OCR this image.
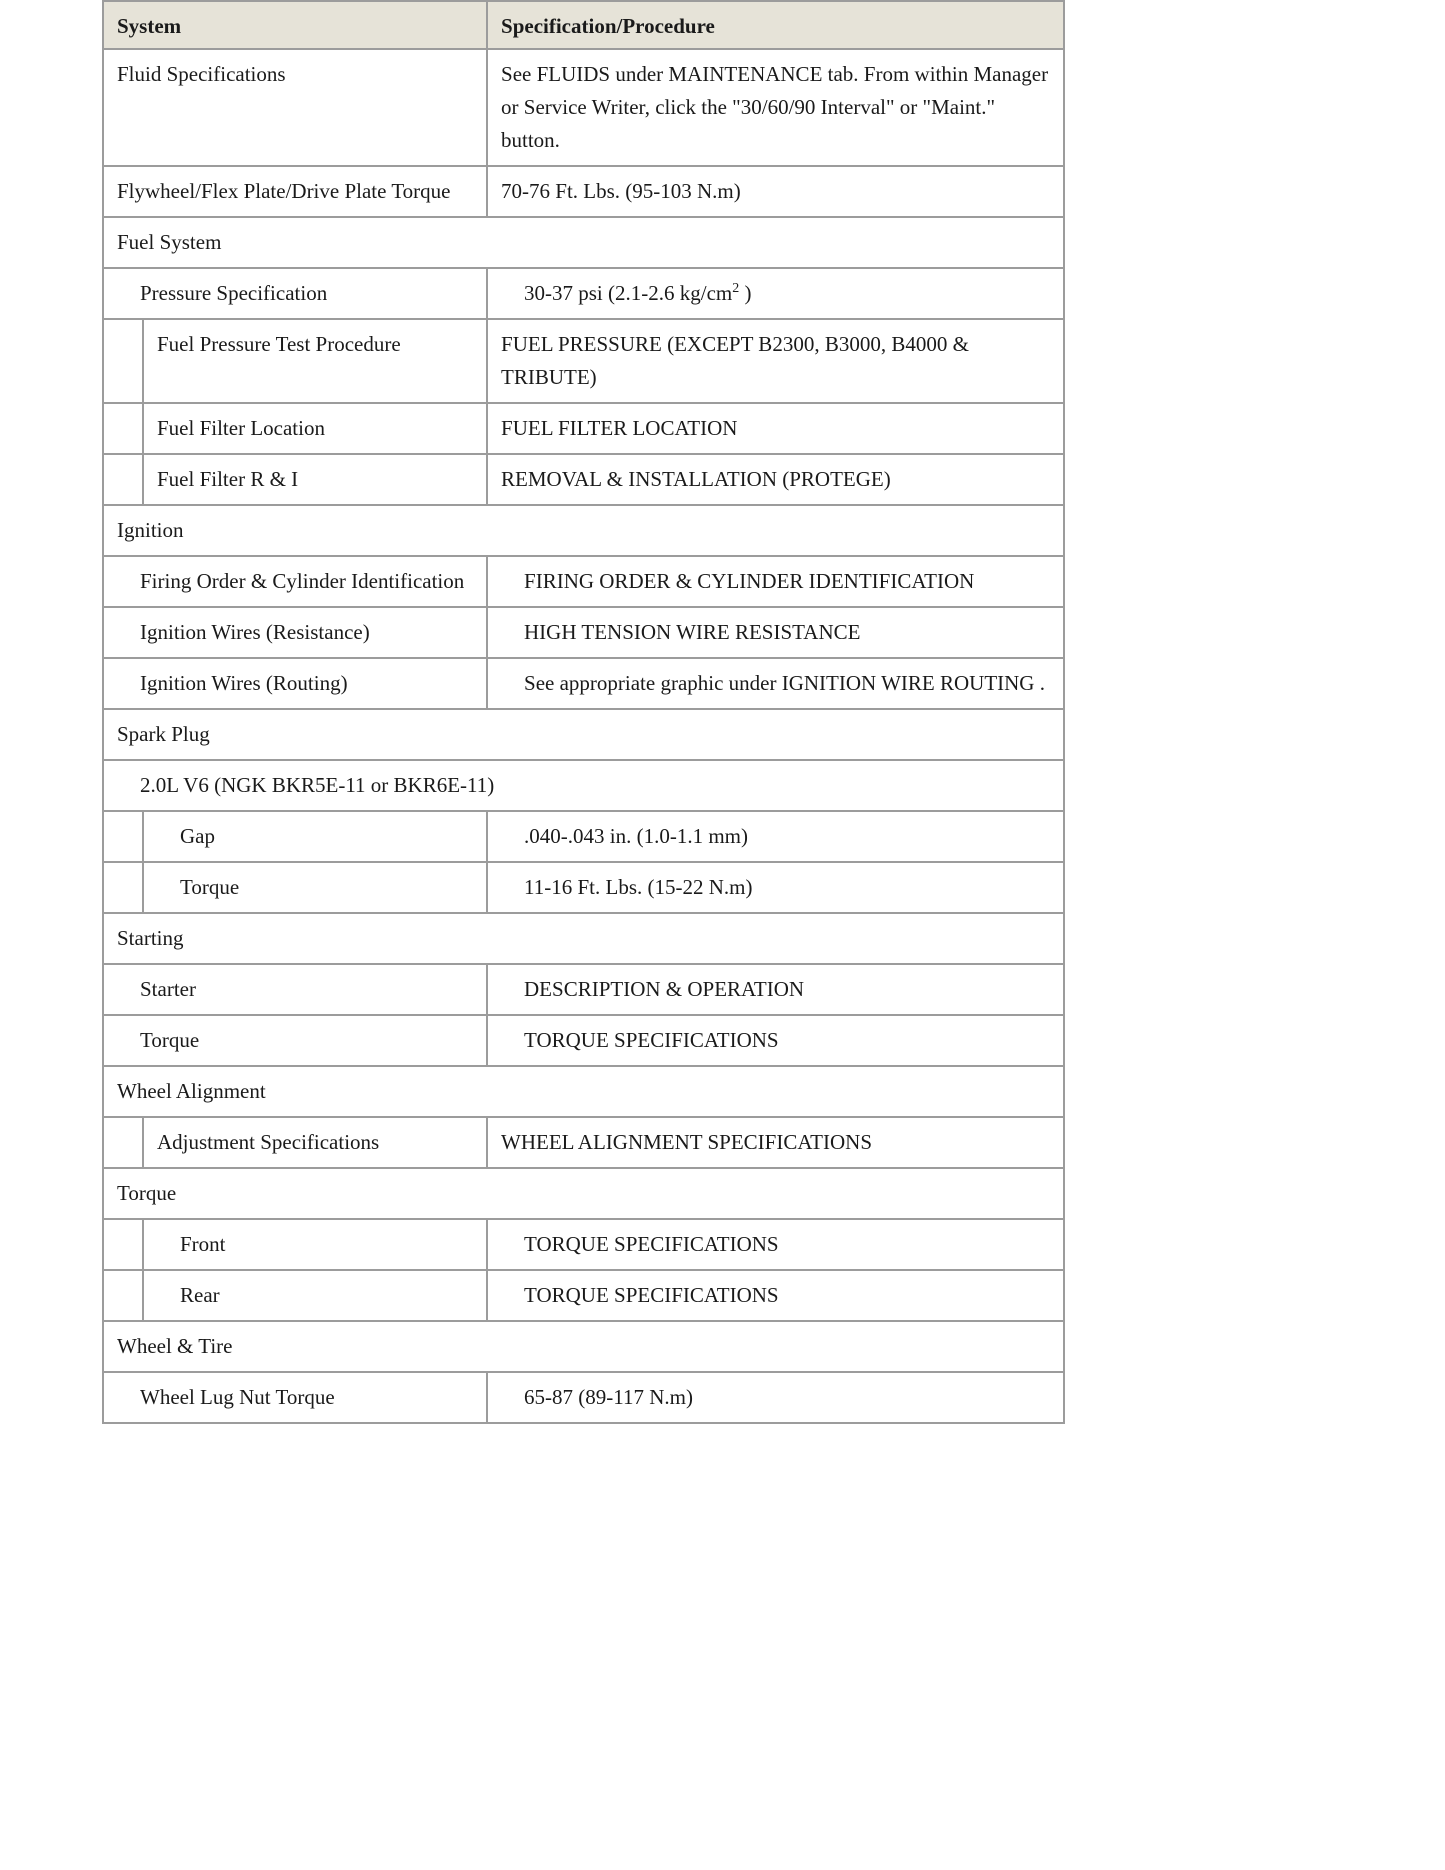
System		Specification/Procedure

Fluid Specifications		See FLUIDS under MAINTENANCE tab. From within Manager or Service Writer, click the "30/60/90 Interval" or "Maint." button.

Flywheel/Flex Plate/Drive Plate Torque		70-76 Ft. Lbs. (95-103 N.m)

Fuel System		

Pressure Specification		30-37 psi (2.1-2.6 $kg/cm^2$ )

	Fuel Pressure Test Procedure	FUEL PRESSURE (EXCEPT B2300, B3000, B4000 & TRIBUTE)

	Fuel Filter Location	FUEL FILTER LOCATION

	Fuel Filter R & I	REMOVAL & INSTALLATION (PROTEGE)

Ignition		

Firing Order & Cylinder Identification		FIRING ORDER & CYLINDER IDENTIFICATION

Ignition Wires (Resistance)		HIGH TENSION WIRE RESISTANCE

Ignition Wires (Routing)		See appropriate graphic under IGNITION WIRE ROUTING .

Spark Plug		

2.0L V6 (NGK BKR5E-11 or BKR6E-11)		

	Gap	.040-.043 in. (1.0-1.1 mm)

	Torque	11-16 Ft. Lbs. (15-22 N.m)

Starting		

Starter		DESCRIPTION & OPERATION

Torque		TORQUE SPECIFICATIONS

Wheel Alignment		

	Adjustment Specifications	WHEEL ALIGNMENT SPECIFICATIONS

Torque		

	Front	TORQUE SPECIFICATIONS

	Rear	TORQUE SPECIFICATIONS

Wheel & Tire		

Wheel Lug Nut Torque		65-87 (89-117 N.m)
